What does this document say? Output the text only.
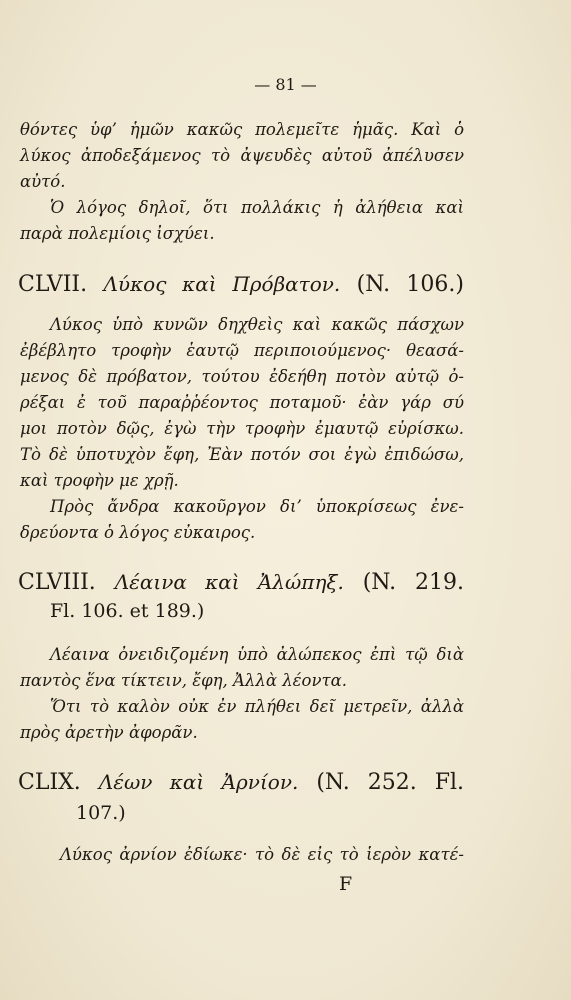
— 81 —
θόντες ὑφ’ ἡμῶν κακῶς πολεμεῖτε ἡμᾶς. Καὶ ὁ
λύκος ἀποδεξάμενος τὸ ἀψευδὲς αὐτοῦ ἀπέλυσεν
αὐτό.
Ὁ λόγος δηλοῖ, ὅτι πολλάκις ἡ ἀλήθεια καὶ
παρὰ πολεμίοις ἰσχύει.
CLVII. Λύκος καὶ Πρόβατον. (N. 106.)
Λύκος ὑπὸ κυνῶν δηχθεὶς καὶ κακῶς πάσχων
ἐβέβλητο τροφὴν ἑαυτῷ περιποιούμενος· θεασά-
μενος δὲ πρόβατον, τούτου ἐδεήθη ποτὸν αὐτῷ ὀ-
ρέξαι ἐ τοῦ παραῤῥέοντος ποταμοῦ· ἐὰν γάρ σύ
μοι ποτὸν δῷς, ἐγὼ τὴν τροφὴν ἐμαυτῷ εὑρίσκω.
Τὸ δὲ ὑποτυχὸν ἔφη, Ἐὰν ποτόν σοι ἐγὼ ἐπιδώσω,
καὶ τροφὴν με χρῇ.
Πρὸς ἄνδρα κακοῦργον δι’ ὑποκρίσεως ἐνε-
δρεύοντα ὁ λόγος εὐκαιρος.
CLVIII. Λέαινα καὶ Ἀλώπηξ. (N. 219.
Fl. 106. et 189.)
Λέαινα ὀνειδιζομένη ὑπὸ ἀλώπεκος ἐπὶ τῷ διὰ
παντὸς ἕνα τίκτειν, ἔφη, Ἀλλὰ λέοντα.
Ὅτι τὸ καλὸν οὐκ ἐν πλήθει δεῖ μετρεῖν, ἀλλὰ
πρὸς ἀρετὴν ἀφορᾶν.
CLIX. Λέων καὶ Ἀρνίον. (N. 252. Fl.
107.)
Λύκος ἀρνίον ἐδίωκε· τὸ δὲ εἰς τὸ ἱερὸν κατέ-
F
